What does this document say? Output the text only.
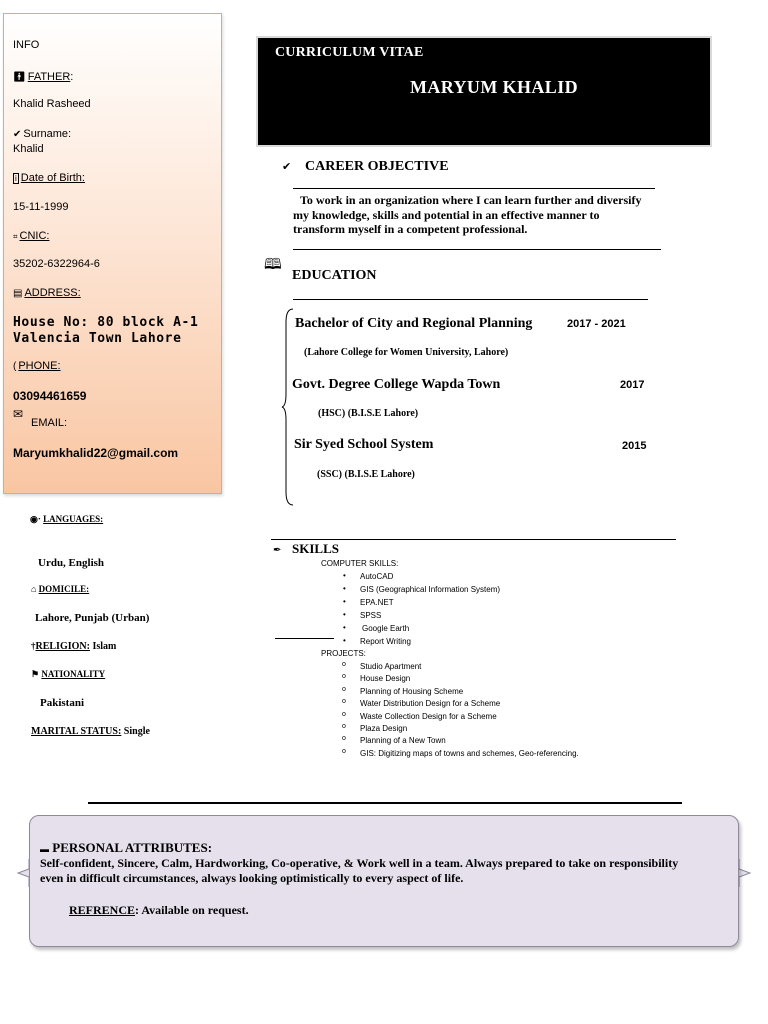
INFO
🚹︎ FATHER:
Khalid Rasheed
✔ Surname:
Khalid
i Date of Birth:
15-11-1999
⌗ CNIC:
35202-6322964-6
▤ ADDRESS:
House No: 80 block A-1
Valencia Town Lahore
( PHONE:
03094461659
✉︎
EMAIL:
Maryumkhalid22@gmail.com
CURRICULUM VITAE
MARYUM KHALID
✔ CAREER OBJECTIVE
To work in an organization where I can learn further and diversify
my knowledge, skills and potential in an effective manner to
transform myself in a competent professional.
🕮︎
EDUCATION
Bachelor of City and Regional Planning	2017 - 2021
(Lahore College for Women University, Lahore)
Govt. Degree College Wapda Town	2017
(HSC) (B.I.S.E Lahore)
Sir Syed School System	2015
(SSC) (B.I.S.E Lahore)
◉· LANGUAGES:
Urdu, English
⌂ DOMICILE:
Lahore, Punjab (Urban)
†RELIGION: Islam
⚑︎ NATIONALITY
Pakistani
MARITAL STATUS: Single
✒︎ SKILLS
COMPUTER SKILLS:
• AutoCAD
• GIS (Geographical Information System)
• EPA.NET
• SPSS
• Google Earth
• Report Writing
PROJECTS:
o Studio Apartment
o House Design
o Planning of Housing Scheme
o Water Distribution Design for a Scheme
o Waste Collection Design for a Scheme
o Plaza Design
o Planning of a New Town
o GIS: Digitizing maps of towns and schemes, Geo-referencing.
▬ PERSONAL ATTRIBUTES:
Self-confident, Sincere, Calm, Hardworking, Co-operative, & Work well in a team. Always prepared to take on responsibility
even in difficult circumstances, always looking optimistically to every aspect of life.
REFRENCE: Available on request.
